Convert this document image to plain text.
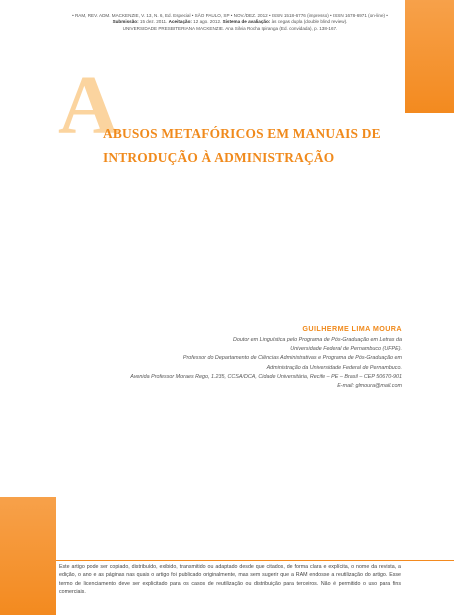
• RAM, REV. ADM. MACKENZIE, V. 13, N. 6, Ed. Especial • SÃO PAULO, SP • NOV./DEZ. 2012 • ISSN 1518-6776 (impresso) • ISSN 1678-6971 (on-line) •
Submissão: 15 dez. 2011. Aceitação: 12 ago. 2012. Sistema de avaliação: às cegas dupla (double blind review).
UNIVERSIDADE PRESBITERIANA MACKENZIE. Ana Silvia Rocha Ipiranga (Ed. convidada), p. 138-167.
A
ABUSOS METAFÓRICOS EM MANUAIS DE
INTRODUÇÃO À ADMINISTRAÇÃO
GUILHERME LIMA MOURA
Doutor em Linguística pelo Programa de Pós-Graduação em Letras da
Universidade Federal de Pernambuco (UFPE).
Professor do Departamento de Ciências Administrativas e Programa de Pós-Graduação em
Administração da Universidade Federal de Pernambuco.
Avenida Professor Moraes Rego, 1.235, CCSA/DCA, Cidade Universitária, Recife – PE – Brasil – CEP 50670-901
E-mail: glmoura@mail.com
Este artigo pode ser copiado, distribuído, exibido, transmitido ou adaptado desde que citados, de forma clara e explícita, o nome da revista, a edição, o ano e as páginas nas quais o artigo foi publicado originalmente, mas sem sugerir que a RAM endosse a reutilização do artigo. Esse termo de licenciamento deve ser explicitado para os casos de reutilização ou distribuição para terceiros. Não é permitido o uso para fins comerciais.
